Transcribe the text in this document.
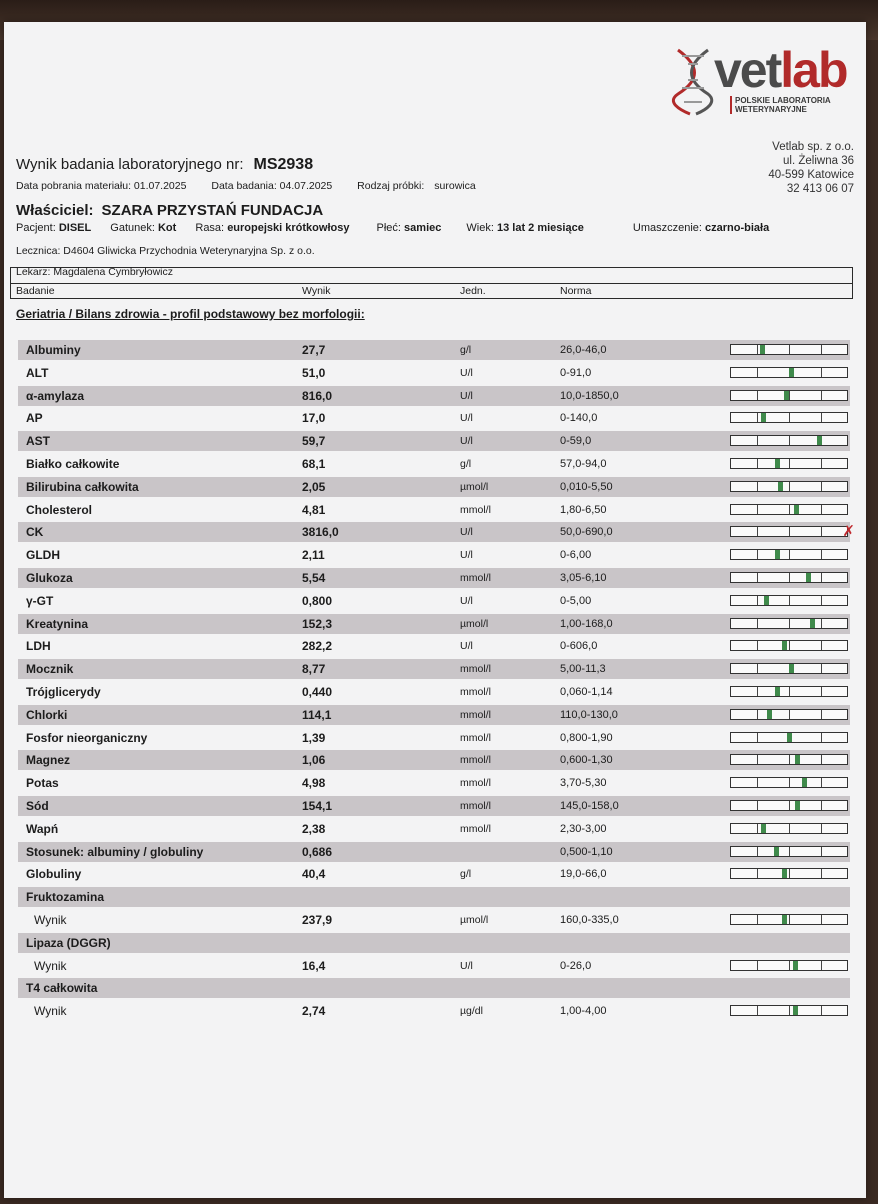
vetlab
POLSKIE LABORATORIA
WETERYNARYJNE
Vetlab sp. z o.o.
ul. Żeliwna 36
40-599 Katowice
32 413 06 07
Wynik badania laboratoryjnego nr: MS2938
Data pobrania materiału: 01.07.2025 Data badania: 04.07.2025 Rodzaj próbki: surowica
Właściciel: SZARA PRZYSTAŃ FUNDACJA
Pacjent: DISEL Gatunek: Kot Rasa: europejski krótkowłosy Płeć: samiec Wiek: 13 lat 2 miesiące	Umaszczenie: czarno-biała
Lecznica: D4604 Gliwicka Przychodnia Weterynaryjna Sp. z o.o.
Lekarz: Magdalena Cymbryłowicz
Badanie	Wynik	Jedn.	Norma
Geriatria / Bilans zdrowia - profil podstawowy bez morfologii:
Albuminy	27,7	g/l	26,0-46,0
ALT	51,0	U/l	0-91,0
α-amylaza	816,0	U/l	10,0-1850,0
AP	17,0	U/l	0-140,0
AST	59,7	U/l	0-59,0
Białko całkowite	68,1	g/l	57,0-94,0
Bilirubina całkowita	2,05	µmol/l	0,010-5,50
Cholesterol	4,81	mmol/l	1,80-6,50
CK	3816,0	U/l	50,0-690,0	✗
GLDH	2,11	U/l	0-6,00
Glukoza	5,54	mmol/l	3,05-6,10
γ-GT	0,800	U/l	0-5,00
Kreatynina	152,3	µmol/l	1,00-168,0
LDH	282,2	U/l	0-606,0
Mocznik	8,77	mmol/l	5,00-11,3
Trójglicerydy	0,440	mmol/l	0,060-1,14
Chlorki	114,1	mmol/l	110,0-130,0
Fosfor nieorganiczny	1,39	mmol/l	0,800-1,90
Magnez	1,06	mmol/l	0,600-1,30
Potas	4,98	mmol/l	3,70-5,30
Sód	154,1	mmol/l	145,0-158,0
Wapń	2,38	mmol/l	2,30-3,00
Stosunek: albuminy / globuliny	0,686	0,500-1,10
Globuliny	40,4	g/l	19,0-66,0
Fruktozamina
Wynik	237,9	µmol/l	160,0-335,0
Lipaza (DGGR)
Wynik	16,4	U/l	0-26,0
T4 całkowita
Wynik	2,74	µg/dl	1,00-4,00
